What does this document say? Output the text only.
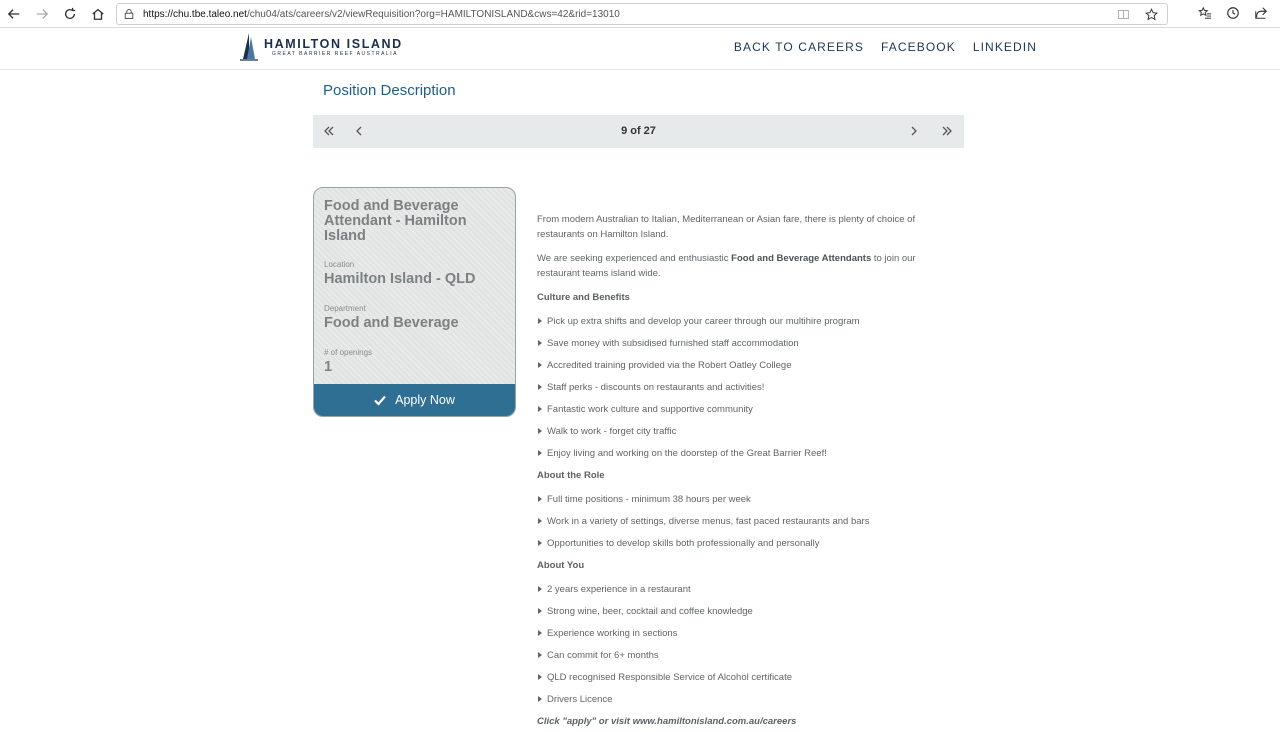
https://chu.tbe.taleo.net/chu04/ats/careers/v2/viewRequisition?org=HAMILTONISLAND&cws=42&rid=13010
HAMILTON ISLAND
GREAT BARRIER REEF AUSTRALIA	BACK TO CAREERS FACEBOOK LINKEDIN
Position Description
9 of 27
Food and Beverage Attendant - Hamilton Island
Location
Hamilton Island - QLD
Department
Food and Beverage
# of openings
1
Apply Now

From modern Australian to Italian, Mediterranean or Asian fare, there is plenty of choice of restaurants on Hamilton Island.

We are seeking experienced and enthusiastic Food and Beverage Attendants to join our restaurant teams island wide.

Culture and Benefits
Pick up extra shifts and develop your career through our multihire program
Save money with subsidised furnished staff accommodation
Accredited training provided via the Robert Oatley College
Staff perks - discounts on restaurants and activities!
Fantastic work culture and supportive community
Walk to work - forget city traffic
Enjoy living and working on the doorstep of the Great Barrier Reef!
About the Role
Full time positions - minimum 38 hours per week
Work in a variety of settings, diverse menus, fast paced restaurants and bars
Opportunities to develop skills both professionally and personally
About You
2 years experience in a restaurant
Strong wine, beer, cocktail and coffee knowledge
Experience working in sections
Can commit for 6+ months
QLD recognised Responsible Service of Alcohol certificate
Drivers Licence
Click "apply" or visit www.hamiltonisland.com.au/careers
